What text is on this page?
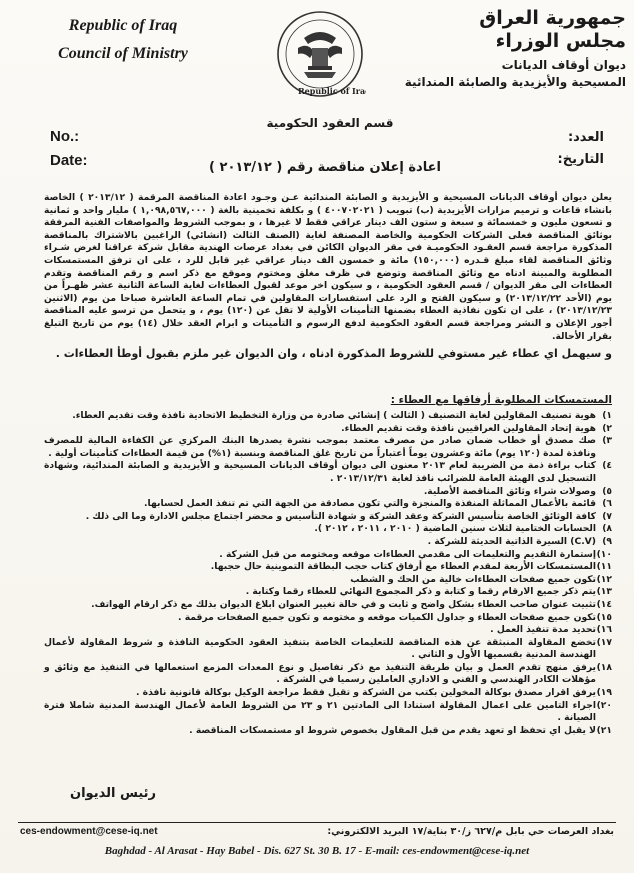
Republic of Iraq
Council of Ministry
Republic of Iraq
جمهورية العراق
مجلس الوزراء
ديوان أوقاف الديانات
المسيحية والأيزيدية والصابئة المندائية
قسم العقود الحكومية
No.:
Date:
العدد:
التاريخ:
اعادة إعلان مناقصة رقم ( ٢٠١٣/١٢ )

يعلن ديوان أوقاف الديانات المسيحية و الأيزيدية و الصابئة المندائية عـن وجـود اعادة المناقصة المرقمة ( ٢٠١٣/١٢ ) الخاصة بانشاء قاعات و ترميم مزارات الأيزيدية (ب) تبويب ( ٤٠٠٧٠٢٠٢١ ) و بكلفة تخمينية بالغة ( ١,٠٩٨,٥٦٧,٠٠٠ ) مليار واحد و ثمانية و تسعون مليون و خمسمائة و سبعة و ستون الف دينار عراقي فقط لا غيرها ، و بموجب الشروط والمواصفات الفنية المرفقة بوثائق المناقصة فعلى الشركات الحكومية والخاصة المصنفة لغاية (الصنف الثالث (انشائي) الراغبين بالاشتراك بالمناقصة المذكورة مراجعة قسم العقـود الحكوميـة في مقر الديوان الكائن في بغداد عرصات الهندية مقابل شركة عراقنا لغرض شـراء وثائق المناقصة لقاء مبلغ قـدره (١٥٠,٠٠٠) مائة و خمسون الف دينار عراقي غير قابل للرد ، على ان ترفق المستمسكات المطلوبة والمبينة ادناه مع وثائق المناقصة وتوضع في ظرف مغلق ومختوم وموقع مع ذكر اسم و رقم المناقصة وتقدم العطاءات الى مقر الديوان / قسم العقود الحكومية ، و سيكون اخر موعد لقبول العطاءات لغاية الساعة الثانية عشر ظهـراً من يوم (الأحد ٢٠١٣/١٢/٢٢) و سيكون الفتح و الرد على استفسارات المقاولين في تمام الساعة العاشرة صباحا من يوم (الاثنين ٢٠١٣/١٢/٢٣) ، على ان تكون نفاذية العطاء بضمنها التأمينات الأولية لا تقل عن (١٢٠) يوم ، و يتحمل من ترسو عليه المناقصة أجور الإعلان و النشر ومراجعة قسم العقود الحكومية لدفع الرسوم و التأمينات و ابرام العقد خلال (١٤) يوم من تاريخ التبلغ بقرار الأحالة.

و سيهمل اي عطاء غير مستوفي للشروط المذكورة ادناه ، وان الديوان غير ملزم بقبول أوطأ العطاءات .

المستمسكات المطلوبة أرفاقها مع العطاء :
١)
هوية تصنيف المقاولين لغاية التصنيف ( الثالث ) إنشائي صادرة من وزارة التخطيط الاتحادية نافذة وقت تقديم العطاء.
٢)
هوية إتحاد المقاولين العراقيين نافذة وقت تقديم العطاء.
٣)
صك مصدق أو خطاب ضمان صادر من مصرف معتمد بموجب نشرة يصدرها البنك المركزي عن الكفاءة المالية للمصرف ونافذة لمدة (١٢٠ يوم) مائة وعشرون يوماً أعتباراً من تاريخ غلق المناقصة وبنسبة (١%) من قيمة العطاءات كتأمينات أولية .
٤)
كتاب براءة ذمة من الضريبة لعام ٢٠١٣ معنون الى ديوان أوقاف الديانات المسيحية و الأيزيدية و الصابئة المندائية، وشهادة التسجيل لدى الهيئة العامة للضرائب نافذ لغاية ٢٠١٣/١٢/٣١ .
٥)
وصولات شراء وثائق المناقصة الأصلية.
٦)
قائمة بالأعمال المماثلة المنفذة والمنجزة والتي تكون مصادقة من الجهة التي تم تنفذ العمل لحسابها.
٧)
كافة الوثائق الخاصة بتأسيس الشركة وعقد الشركة و شهادة التأسيس و محضر اجتماع مجلس الادارة وما الى ذلك .
٨)
الحسابات الختامية لثلاث سنين الماضية ( ٢٠١٠ ، ٢٠١١ ، ٢٠١٢ ).
٩)
(C.V) السيرة الذاتية الحديثة للشركة .
١٠)
إستمارة التقديم والتعليمات الى مقدمي العطاءات موقعه ومختومه من قبل الشركة .
١١)
المستمسكات الأربعة لمقدم العطاء مع أرفاق كتاب حجب البطاقة التموينية حال حجبها.
١٢)
تكون جميع صفحات العطاءات خالية من الحك و الشطب
١٣)
يتم ذكر جميع الارقام رقما و كتابة و ذكر المجموع النهائي للعطاء رقما وكتابة .
١٤)
تثبيت عنوان صاحب العطاء بشكل واضح و ثابت و في حالة تغيير العنوان ابلاغ الديوان بذلك مع ذكر ارقام الهواتف.
١٥)
تكون جميع صفحات العطاء و جداول الكميات موقعه و مختومه و تكون جميع الصفحات مرقمة .
١٦)
تحديد مدة تنفيذ العمل .
١٧)
تخضع المقاولة المنبثقة عن هذه المناقصة للتعليمات الخاصة بتنفيذ العقود الحكومية النافذة و شروط المقاولة لأعمال الهندسة المدنية بقسميها الأول و الثاني .
١٨)
يرفق منهج تقدم العمل و بيان طريقة التنفيذ مع ذكر تفاصيل و نوع المعدات المزمع استعمالها في التنفيذ مع وثائق و مؤهلات الكادر الهندسي و الفني و الاداري العاملين رسميا في الشركة .
١٩)
يرفق اقرار مصدق بوكالة المخولين بكتب من الشركة و تقبل فقط مراجعة الوكيل بوكالة قانونية نافذة .
٢٠)
اجراء التامين على اعمال المقاولة استنادا الى المادتين ٢١ و ٢٣ من الشروط العامة لأعمال الهندسة المدنية شاملا فترة الصيانة .
٢١)
لا يقبل اي تحفظ او تعهد يقدم من قبل المقاول بخصوص شروط او مستمسكات المناقصة .
رئيس الديوان
ces-endowment@cese-iq.net	بغداد العرصات حي بابل م/٦٢٧ ز/٣٠ بناية/١٧ البريد الالكتروني:
Baghdad - Al Arasat - Hay Babel - Dis. 627 St. 30 B. 17 - E-mail: ces-endowment@cese-iq.net
